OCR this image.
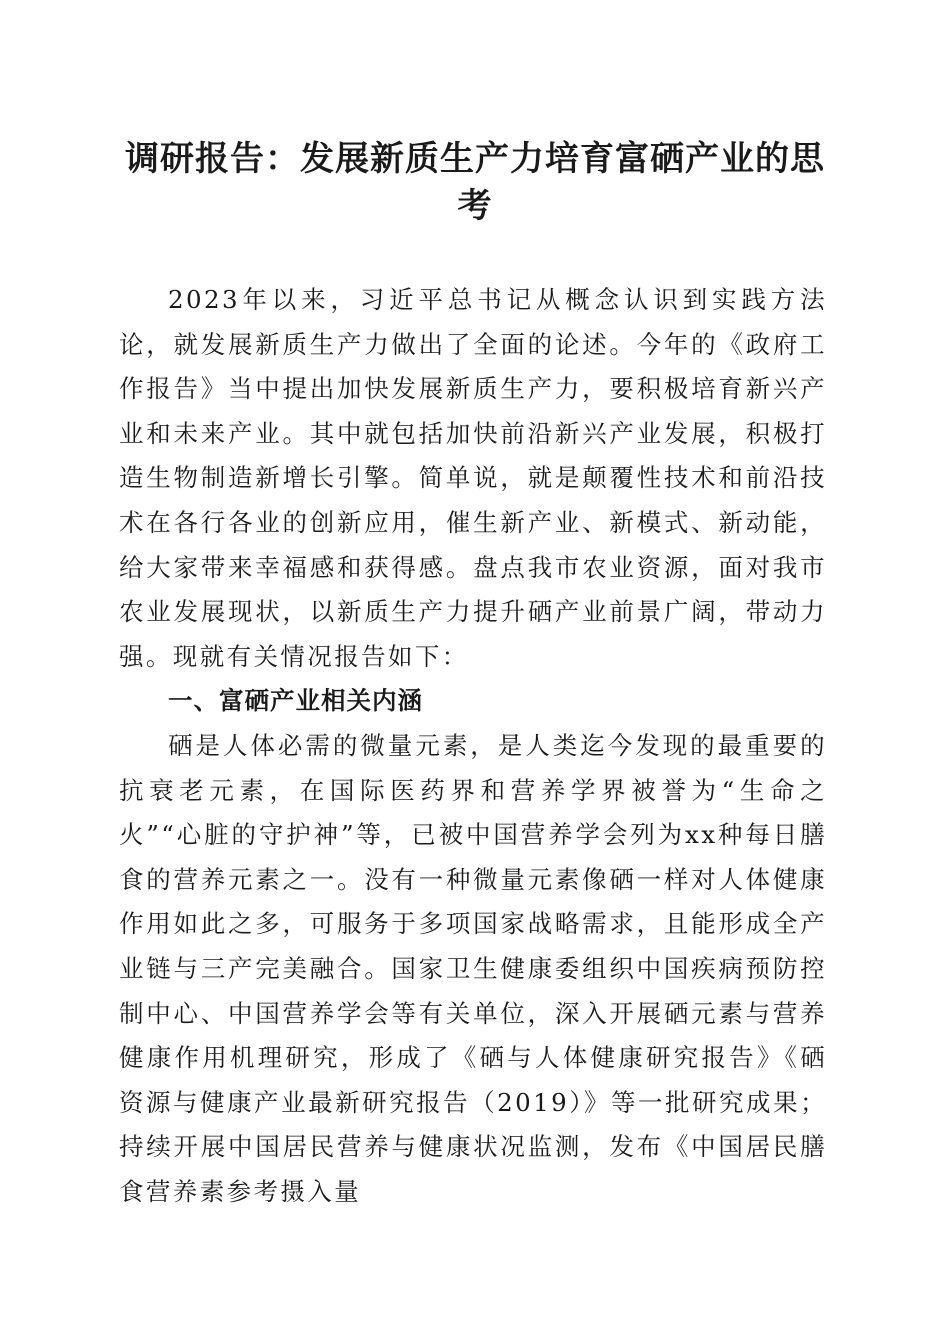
调研报告：发展新质生产力培育富硒产业的思考

2023年以来，习近平总书记从概念认识到实践方法论，就发展新质生产力做出了全面的论述。今年的《政府工作报告》当中提出加快发展新质生产力，要积极培育新兴产业和未来产业。其中就包括加快前沿新兴产业发展，积极打造生物制造新增长引擎。简单说，就是颠覆性技术和前沿技术在各行各业的创新应用，催生新产业、新模式、新动能，给大家带来幸福感和获得感。盘点我市农业资源，面对我市农业发展现状，以新质生产力提升硒产业前景广阔，带动力强。现就有关情况报告如下：

一、富硒产业相关内涵

硒是人体必需的微量元素，是人类迄今发现的最重要的抗衰老元素，在国际医药界和营养学界被誉为“生命之火”“心脏的守护神”等，已被中国营养学会列为xx种每日膳食的营养元素之一。没有一种微量元素像硒一样对人体健康作用如此之多，可服务于多项国家战略需求，且能形成全产业链与三产完美融合。国家卫生健康委组织中国疾病预防控制中心、中国营养学会等有关单位，深入开展硒元素与营养健康作用机理研究，形成了《硒与人体健康研究报告》《硒资源与健康产业最新研究报告（2019）》等一批研究成果；持续开展中国居民营养与健康状况监测，发布《中国居民膳食营养素参考摄入量
